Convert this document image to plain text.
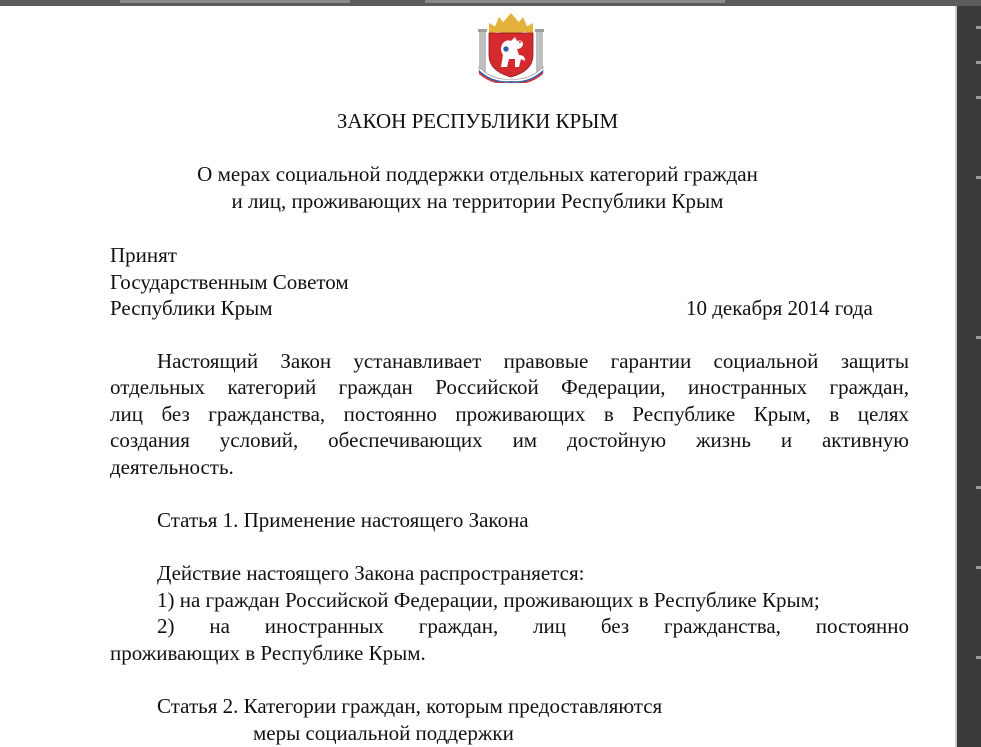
ЗАКОН РЕСПУБЛИКИ КРЫМ
О мерах социальной поддержки отдельных категорий граждан
и лиц, проживающих на территории Республики Крым
Принят
Государственным Советом
Республики Крым	10 декабря 2014 года
Настоящий Закон устанавливает правовые гарантии социальной защиты
отдельных категорий граждан Российской Федерации, иностранных граждан,
лиц без гражданства, постоянно проживающих в Республике Крым, в целях
создания условий, обеспечивающих им достойную жизнь и активную
деятельность.
Статья 1. Применение настоящего Закона
Действие настоящего Закона распространяется:
1) на граждан Российской Федерации, проживающих в Республике Крым;
2) на иностранных граждан, лиц без гражданства, постоянно
проживающих в Республике Крым.
Статья 2. Категории граждан, которым предоставляются
меры социальной поддержки
